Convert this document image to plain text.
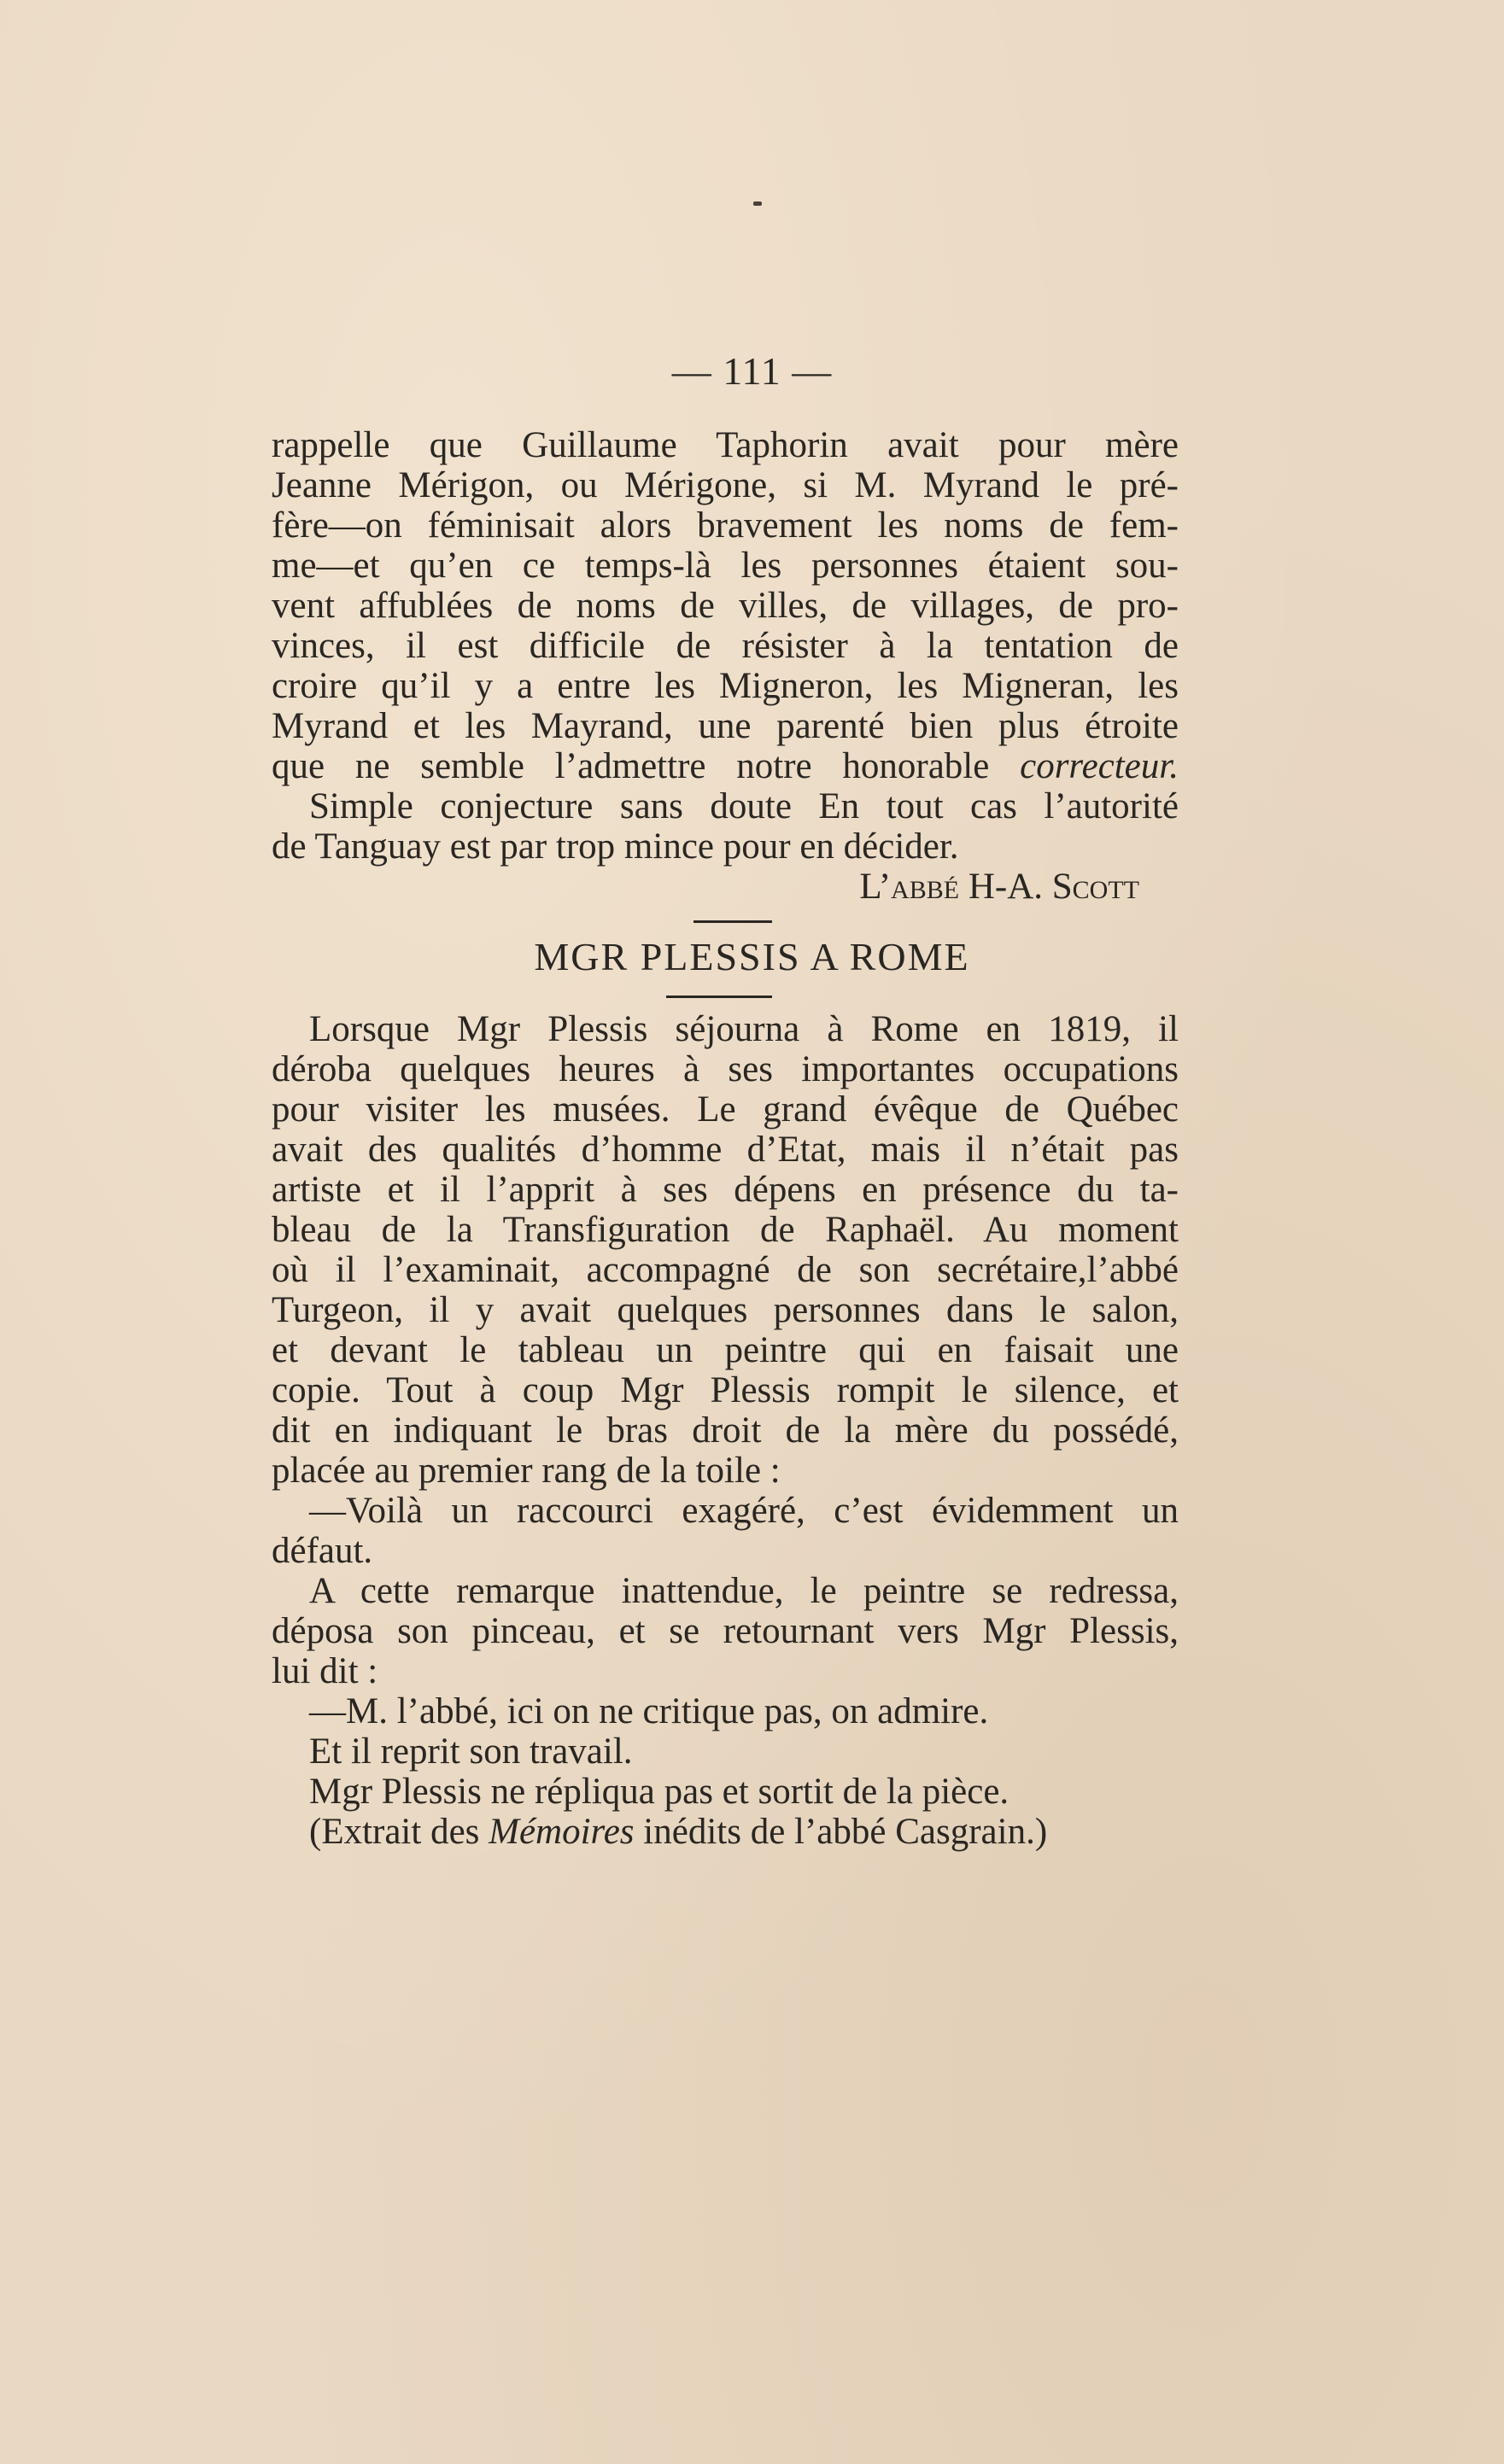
— 111 —
rappelle que Guillaume Taphorin avait pour mère
Jeanne Mérigon, ou Mérigone, si M. Myrand le pré-
fère—on féminisait alors bravement les noms de fem-
me—et qu’en ce temps-là les personnes étaient sou-
vent affublées de noms de villes, de villages, de pro-
vinces, il est difficile de résister à la tentation de
croire qu’il y a entre les Migneron, les Migneran, les
Myrand et les Mayrand, une parenté bien plus étroite
que ne semble l’admettre notre honorable correcteur.
Simple conjecture sans doute En tout cas l’autorité
de Tanguay est par trop mince pour en décider.
L’abbé H-A. Scott
MGR PLESSIS A ROME
Lorsque Mgr Plessis séjourna à Rome en 1819, il
déroba quelques heures à ses importantes occupations
pour visiter les musées. Le grand évêque de Québec
avait des qualités d’homme d’Etat, mais il n’était pas
artiste et il l’apprit à ses dépens en présence du ta-
bleau de la Transfiguration de Raphaël. Au moment
où il l’examinait, accompagné de son secrétaire,l’abbé
Turgeon, il y avait quelques personnes dans le salon,
et devant le tableau un peintre qui en faisait une
copie. Tout à coup Mgr Plessis rompit le silence, et
dit en indiquant le bras droit de la mère du possédé,
placée au premier rang de la toile :
—Voilà un raccourci exagéré, c’est évidemment un
défaut.
A cette remarque inattendue, le peintre se redressa,
déposa son pinceau, et se retournant vers Mgr Plessis,
lui dit :
—M. l’abbé, ici on ne critique pas, on admire.
Et il reprit son travail.
Mgr Plessis ne répliqua pas et sortit de la pièce.
(Extrait des Mémoires inédits de l’abbé Casgrain.)
